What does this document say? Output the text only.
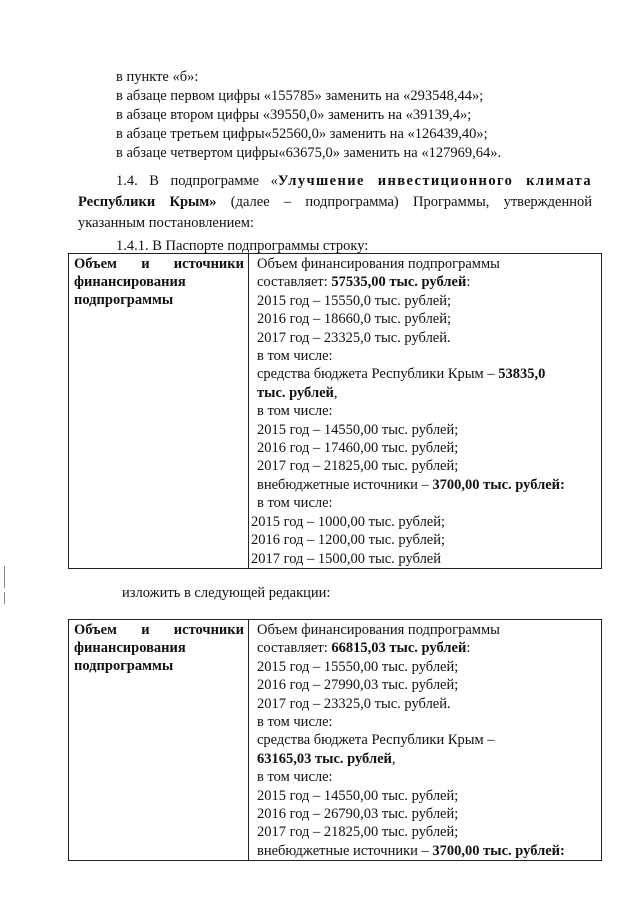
в пункте «б»:
в абзаце первом цифры «155785» заменить на «293548,44»;
в абзаце втором цифры «39550,0» заменить на «39139,4»;
в абзаце третьем цифры«52560,0» заменить на «126439,40»;
в абзаце четвертом цифры«63675,0» заменить на «127969,64».
1.4. В подпрограмме «Улучшение инвестиционного климата
Республики Крым» (далее – подпрограмма) Программы, утвержденной
указанным постановлением:
1.4.1. В Паспорте подпрограммы строку:
Объем и источники
финансирования
подпрограммы

Объем финансирования подпрограммы
составляет: 57535,00 тыс. рублей:
2015 год – 15550,0 тыс. рублей;
2016 год – 18660,0 тыс. рублей;
2017 год – 23325,0 тыс. рублей.
в том числе:
средства бюджета Республики Крым – 53835,0
тыс. рублей,
в том числе:
2015 год – 14550,00 тыс. рублей;
2016 год – 17460,00 тыс. рублей;
2017 год – 21825,00 тыс. рублей;
внебюджетные источники – 3700,00 тыс. рублей:
в том числе:
2015 год – 1000,00 тыс. рублей;
2016 год – 1200,00 тыс. рублей;
2017 год – 1500,00 тыс. рублей
изложить в следующей редакции:
Объем и источники
финансирования
подпрограммы

Объем финансирования подпрограммы
составляет: 66815,03 тыс. рублей:
2015 год – 15550,00 тыс. рублей;
2016 год – 27990,03 тыс. рублей;
2017 год – 23325,0 тыс. рублей.
в том числе:
средства бюджета Республики Крым –
63165,03 тыс. рублей,
в том числе:
2015 год – 14550,00 тыс. рублей;
2016 год – 26790,03 тыс. рублей;
2017 год – 21825,00 тыс. рублей;
внебюджетные источники – 3700,00 тыс. рублей:
